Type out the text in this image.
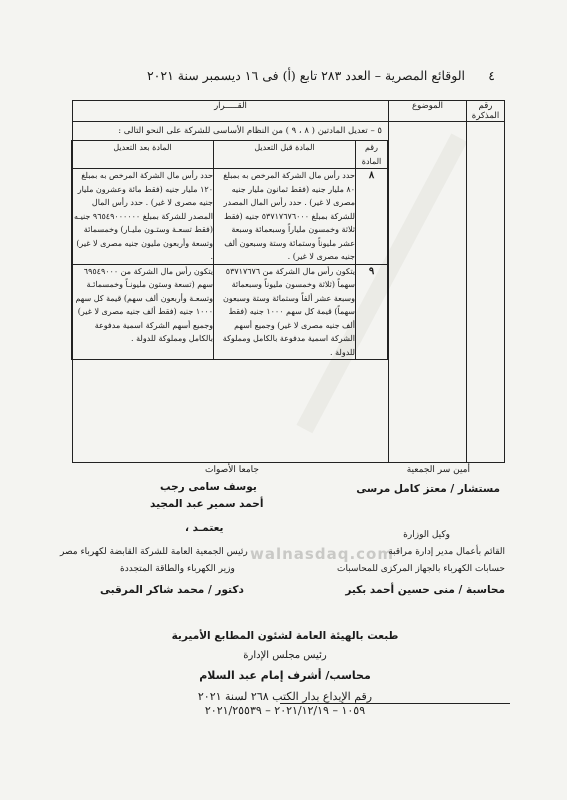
walnasdaq.com
٤
الوقائع المصرية – العدد ٢٨٣ تابع (أ) فى ١٦ ديسمبر سنة ٢٠٢١
رقم المذكرة	الموضوع	القـــــرار

٥ – تعديل المادتين ( ٨ ، ٩ ) من النظام الأساسى للشركة على النحو التالى :
رقم المادة	المادة قبل التعديل	المادة بعد التعديل
٨	حدد رأس مال الشركة المرخص به بمبلغ ٨٠ مليار جنيه (فقط ثمانون مليار جنيه مصرى لا غير) . حدد رأس المال المصدر للشركة بمبلغ ٥٣٧١٧٦٧٦٠٠٠ جنيه (فقط ثلاثة وخمسون ملياراً وسبعمائة وسبعة عشر مليوناً وستمائة وستة وسبعون ألف جنيه مصرى لا غير) .	حدد رأس مال الشركة المرخص به بمبلغ ١٢٠ مليار جنيه (فقط مائة وعشرون مليار جنيه مصرى لا غير) . حدد رأس المال المصدر للشركة بمبلغ ٩٦٥٤٩٠٠٠٠٠٠ جنيـه (فقط تسعـة وستـون مليـار) وخمسمائة وتسعة وأربعون مليون جنيه مصرى لا غير) .
٩	يتكون رأس مال الشركة من ٥٣٧١٧٦٧٦ سهماً (ثلاثة وخمسون مليوناً وسبعمائة وسبعة عشر ألفاً وستمائة وستة وسبعون سهماً) قيمة كل سهم ١٠٠٠ جنيه (فقط ألف جنيه مصرى لا غير) وجميع أسهم الشركة اسمية مدفوعة بالكامل ومملوكة للدولة .	يتكون رأس مال الشركة من ٦٩٥٤٩٠٠٠ سهم (تسعة وستون مليونـاً وخمسمائـة وتسعـة وأربعون ألف سهم) قيمة كل سهم ١٠٠٠ جنيه (فقط ألف جنيه مصرى لا غير) وجميع أسهم الشركة اسمية مدفوعة بالكامل ومملوكة للدولة .
أمين سر الجمعية
مستشار / معتز كامل مرسى
جامعا الأصوات
يوسف سامى رجب
أحمد سمير عبد المجيد
يعتمـد ،
وكيل الوزارة
القائم بأعمال مدير إدارة مراقبة
حسابات الكهرباء بالجهاز المركزى للمحاسبات
محاسبة / منى حسين أحمد بكير
رئيس الجمعية العامة للشركة القابضة لكهرباء مصر
وزير الكهرباء والطاقة المتجددة
دكتور / محمد شاكر المرقبى
طبعت بالهيئة العامة لشئون المطابع الأميرية
رئيس مجلس الإدارة
محاسب/ أشرف إمام عبد السلام
رقم الإيداع بدار الكتب ٢٦٨ لسنة ٢٠٢١
١٠٥٩ – ٢٠٢١/١٢/١٩ – ٢٠٢١/٢٥٥٣٩
